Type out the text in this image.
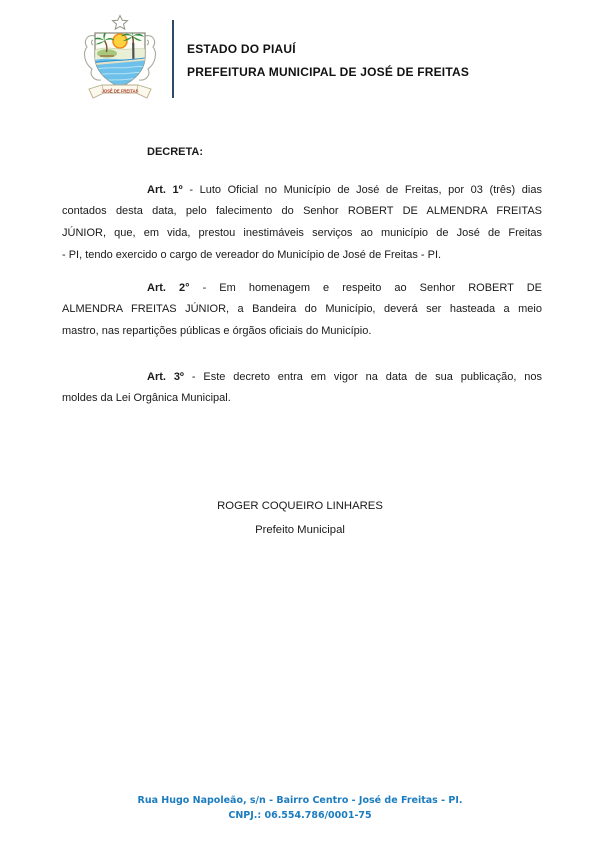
JOSÉ DE FREITAS
ESTADO DO PIAUÍ
PREFEITURA MUNICIPAL DE JOSÉ DE FREITAS
DECRETA:
Art. 1º - Luto Oficial no Município de José de Freitas, por 03 (três) dias
contados desta data, pelo falecimento do Senhor ROBERT DE ALMENDRA FREITAS
JÚNIOR, que, em vida, prestou inestimáveis serviços ao município de José de Freitas
- PI, tendo exercido o cargo de vereador do Município de José de Freitas - PI.
Art. 2° - Em homenagem e respeito ao Senhor ROBERT DE
ALMENDRA FREITAS JÚNIOR, a Bandeira do Município, deverá ser hasteada a meio
mastro, nas repartições públicas e órgãos oficiais do Município.
Art. 3º - Este decreto entra em vigor na data de sua publicação, nos
moldes da Lei Orgânica Municipal.
ROGER COQUEIRO LINHARES
Prefeito Municipal
Rua Hugo Napoleão, s/n - Bairro Centro - José de Freitas - PI.
CNPJ.: 06.554.786/0001-75
